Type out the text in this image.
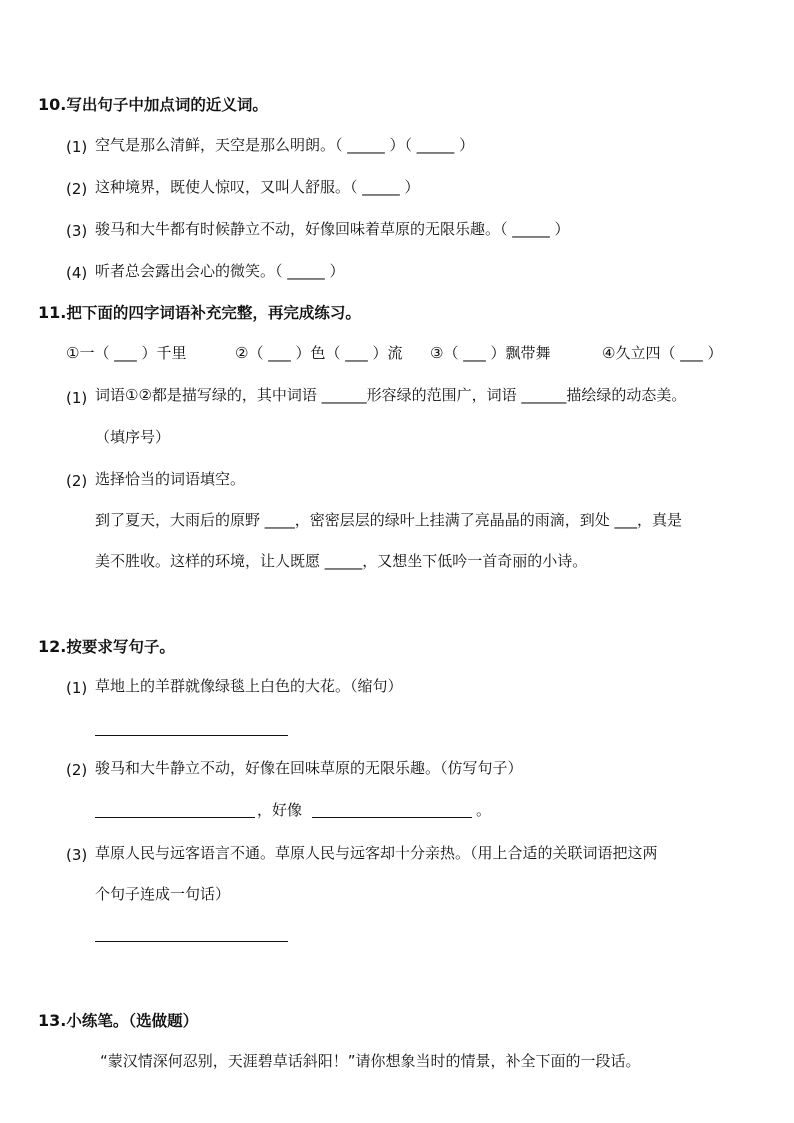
10.写出句子中加点词的近义词。
(1) 空气是那么清鲜，天空是那么明朗。（ _____ ）（ _____ ）
(2) 这种境界，既使人惊叹，又叫人舒服。（ _____ ）
(3) 骏马和大牛都有时候静立不动，好像回味着草原的无限乐趣。（ _____ ）
(4) 听者总会露出会心的微笑。（ _____ ）
11.把下面的四字词语补充完整，再完成练习。
①一（ ___ ）千里	②（ ___ ）色（ ___ ）流 ③（ ___ ）飘带舞	④久立四（ ___ ）
(1) 词语①②都是描写绿的，其中词语 ______形容绿的范围广，词语 ______描绘绿的动态美。
（填序号）
(2) 选择恰当的词语填空。
到了夏天，大雨后的原野 ____，密密层层的绿叶上挂满了亮晶晶的雨滴，到处 ___，真是
美不胜收。这样的环境，让人既愿 _____，又想坐下低吟一首奇丽的小诗。
12.按要求写句子。
(1) 草地上的羊群就像绿毯上白色的大花。（缩句）
(2) 骏马和大牛静立不动，好像在回味草原的无限乐趣。（仿写句子）
，好像	。
(3) 草原人民与远客语言不通。草原人民与远客却十分亲热。（用上合适的关联词语把这两
个句子连成一句话）
13.小练笔。（选做题）
“蒙汉情深何忍别，天涯碧草话斜阳！”请你想象当时的情景，补全下面的一段话。
